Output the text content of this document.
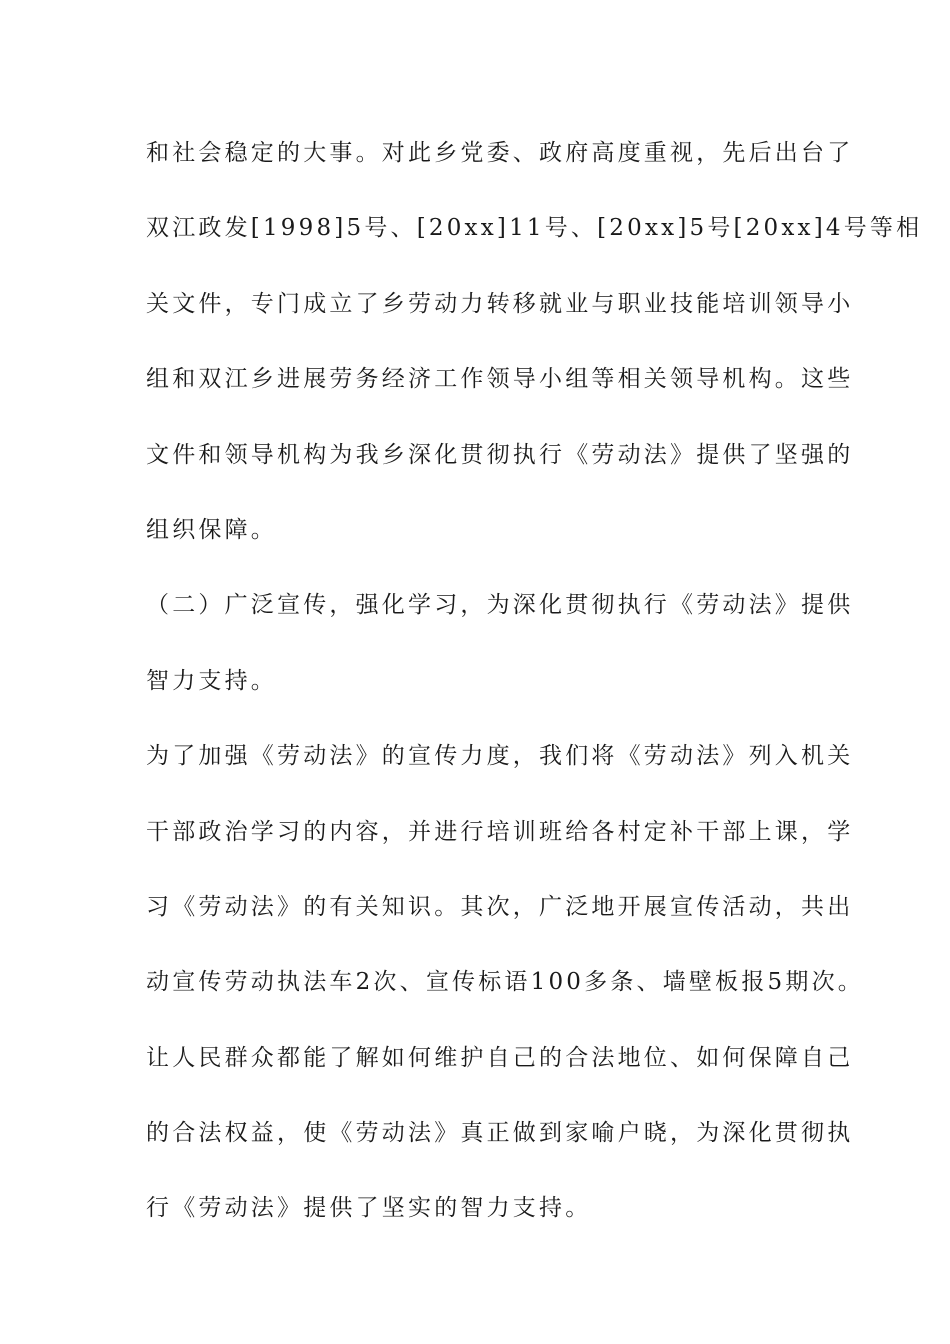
和社会稳定的大事。对此乡党委、政府高度重视，先后出台了
双江政发[1998]5号、[20xx]11号、[20xx]5号[20xx]4号等相
关文件，专门成立了乡劳动力转移就业与职业技能培训领导小
组和双江乡进展劳务经济工作领导小组等相关领导机构。这些
文件和领导机构为我乡深化贯彻执行《劳动法》提供了坚强的
组织保障。
（二）广泛宣传，强化学习，为深化贯彻执行《劳动法》提供
智力支持。
为了加强《劳动法》的宣传力度，我们将《劳动法》列入机关
干部政治学习的内容，并进行培训班给各村定补干部上课，学
习《劳动法》的有关知识。其次，广泛地开展宣传活动，共出
动宣传劳动执法车2次、宣传标语100多条、墙壁板报5期次。
让人民群众都能了解如何维护自己的合法地位、如何保障自己
的合法权益，使《劳动法》真正做到家喻户晓，为深化贯彻执
行《劳动法》提供了坚实的智力支持。
